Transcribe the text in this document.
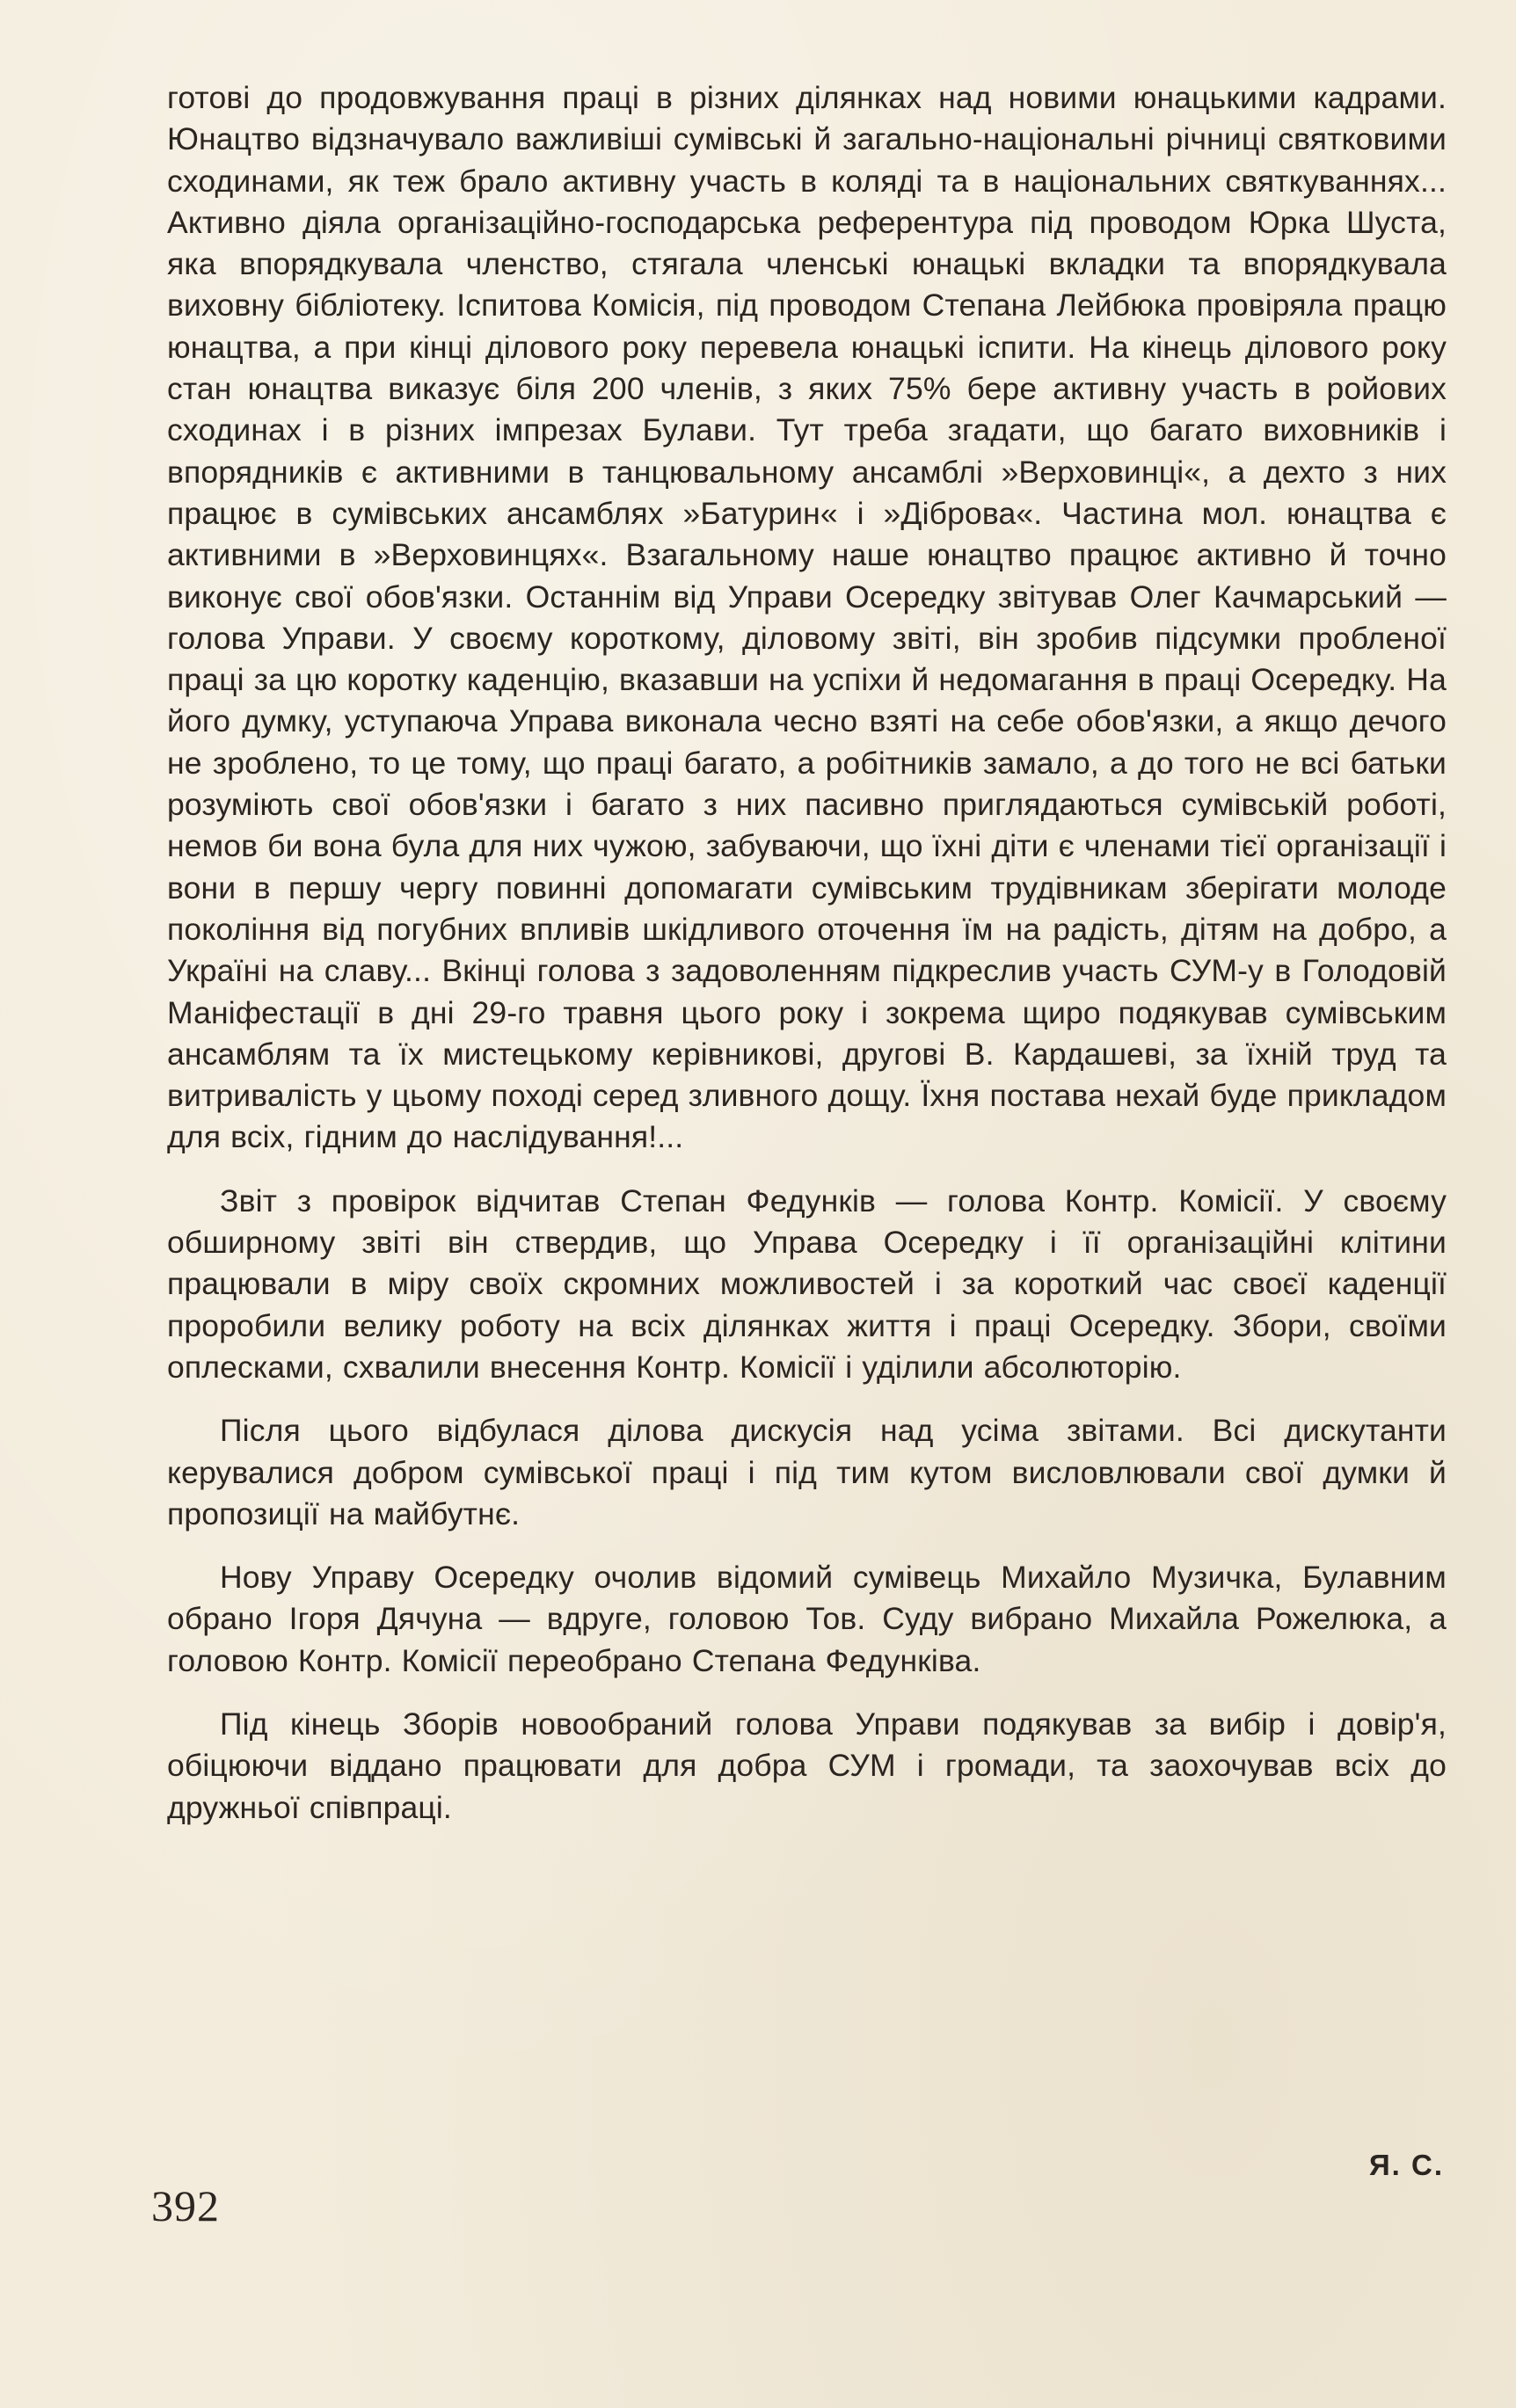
готові до продовжування праці в різних ділянках над новими юнацькими кадрами. Юнацтво відзначувало важливіші сумівські й загально-національні річниці святковими сходинами, як теж брало активну участь в коляді та в національних святкуваннях... Активно діяла організаційно-господарська референтура під проводом Юрка Шуста, яка впорядкувала членство, стягала членські юнацькі вкладки та впорядкувала виховну бібліотеку. Іспитова Комісія, під проводом Степана Лейбюка провіряла працю юнацтва, а при кінці ділового року перевела юнацькі іспити. На кінець ділового року стан юнацтва виказує біля 200 членів, з яких 75% бере активну участь в ройових сходинах і в різних імпрезах Булави. Тут треба згадати, що багато виховників і впорядників є активними в танцювальному ансамблі »Верховинці«, а дехто з них працює в сумівських ансамблях »Батурин« і »Діброва«. Частина мол. юнацтва є активними в »Верховинцях«. Взагальному наше юнацтво працює активно й точно виконує свої обов'язки. Останнім від Управи Осередку звітував Олег Качмарський — голова Управи. У своєму короткому, діловому звіті, він зробив підсумки пробленої праці за цю коротку каденцію, вказавши на успіхи й недомагання в праці Осередку. На його думку, уступаюча Управа виконала чесно взяті на себе обов'язки, а якщо дечого не зроблено, то це тому, що праці багато, а робітників замало, а до того не всі батьки розуміють свої обов'язки і багато з них пасивно приглядаються сумівській роботі, немов би вона була для них чужою, забуваючи, що їхні діти є членами тієї організації і вони в першу чергу повинні допомагати сумівським трудівникам зберігати молоде покоління від погубних впливів шкідливого оточення їм на радість, дітям на добро, а Україні на славу... Вкінці голова з задоволенням підкреслив участь СУМ-у в Голодовій Маніфестації в дні 29-го травня цього року і зокрема щиро подякував сумівським ансамблям та їх мистецькому керівникові, другові В. Кардашеві, за їхній труд та витривалість у цьому поході серед зливного дощу. Їхня постава нехай буде прикладом для всіх, гідним до наслідування!...

Звіт з провірок відчитав Степан Федунків — голова Контр. Комісії. У своєму обширному звіті він ствердив, що Управа Осередку і її організаційні клітини працювали в міру своїх скромних можливостей і за короткий час своєї каденції проробили велику роботу на всіх ділянках життя і праці Осередку. Збори, своїми оплесками, схвалили внесення Контр. Комісії і уділили абсолюторію.

Після цього відбулася ділова дискусія над усіма звітами. Всі дискутанти керувалися добром сумівської праці і під тим кутом висловлювали свої думки й пропозиції на майбутнє.

Нову Управу Осередку очолив відомий сумівець Михайло Музичка, Булавним обрано Ігоря Дячуна — вдруге, головою Тов. Суду вибрано Михайла Рожелюка, а головою Контр. Комісії переобрано Степана Федунківа.

Під кінець Зборів новообраний голова Управи подякував за вибір і довір'я, обіцюючи віддано працювати для добра СУМ і громади, та заохочував всіх до дружньої співпраці.

Я. С.
392
